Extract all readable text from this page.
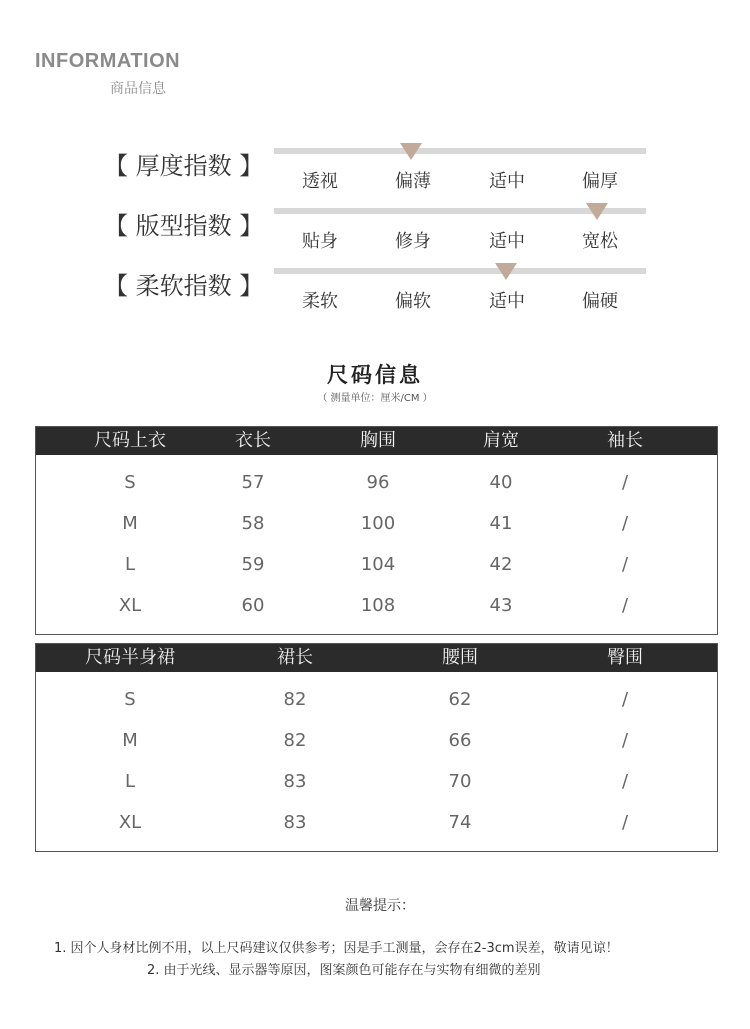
INFORMATION
商品信息
【 厚度指数 】
透视	偏薄	适中	偏厚
【 版型指数 】
贴身	修身	适中	宽松
【 柔软指数 】
柔软	偏软	适中	偏硬
尺码信息
（ 测量单位：厘米/CM ）
尺码上衣	衣长	胸围	肩宽	袖长
S	57	96	40	/
M	58	100	41	/
L	59	104	42	/
XL	60	108	43	/
尺码半身裙	裙长	腰围	臀围
S	82	62	/
M	82	66	/
L	83	70	/
XL	83	74	/
温馨提示：
1. 因个人身材比例不用，以上尺码建议仅供参考；因是手工测量，会存在2-3cm误差，敬请见谅！
2. 由于光线、显示器等原因，图案颜色可能存在与实物有细微的差别
